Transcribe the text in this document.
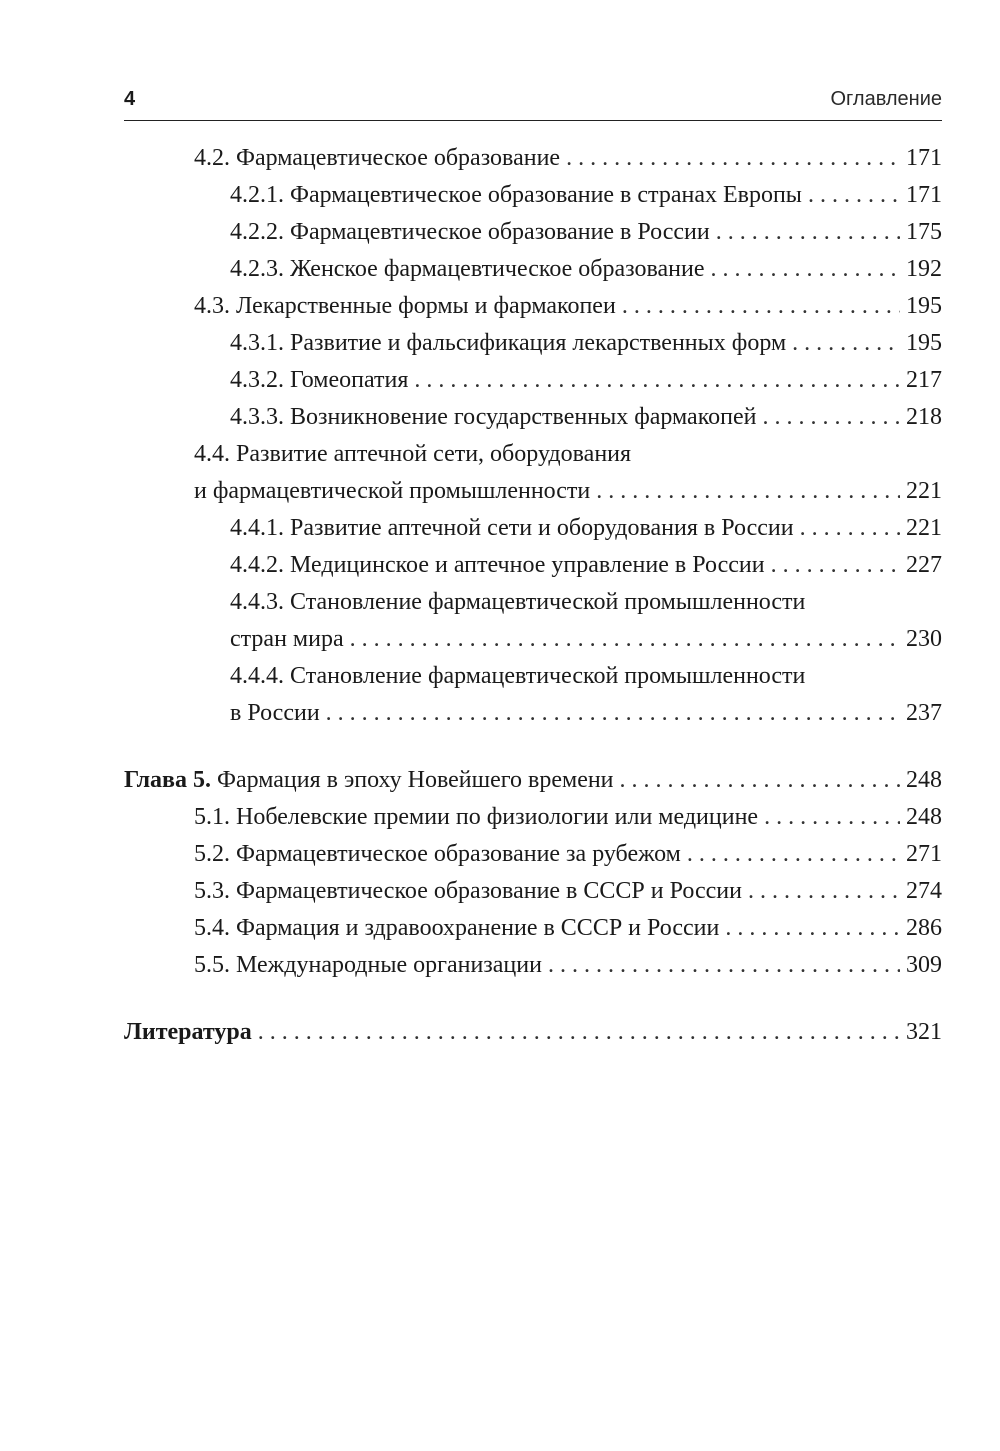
4	Оглавление
4.2.
Фармацевтическое образование . . .	171
4.2.1.
Фармацевтическое образование в странах Европы . . .	171
4.2.2.
Фармацевтическое образование в России . . .	175
4.2.3.
Женское фармацевтическое образование . . .	192
4.3.
Лекарственные формы и фармакопеи . . .	195
4.3.1.
Развитие и фальсификация лекарственных форм . . .	195
4.3.2.
Гомеопатия . . .	217
4.3.3.
Возникновение государственных фармакопей . . .	218
4.4.
Развитие аптечной сети, оборудования
и фармацевтической промышленности . . .	221
4.4.1.
Развитие аптечной сети и оборудования в России . . .	221
4.4.2.
Медицинское и аптечное управление в России . . .	227
4.4.3.
Становление фармацевтической промышленности
стран мира . . .	230
4.4.4.
Становление фармацевтической промышленности
в России . . .	237
Глава 5.
Фармация в эпоху Новейшего времени . . .	248
5.1.
Нобелевские премии по физиологии или медицине . . .	248
5.2.
Фармацевтическое образование за рубежом . . .	271
5.3.
Фармацевтическое образование в СССР и России . . .	274
5.4.
Фармация и здравоохранение в СССР и России . . .	286
5.5.
Международные организации . . .	309
Литература . . .	321
